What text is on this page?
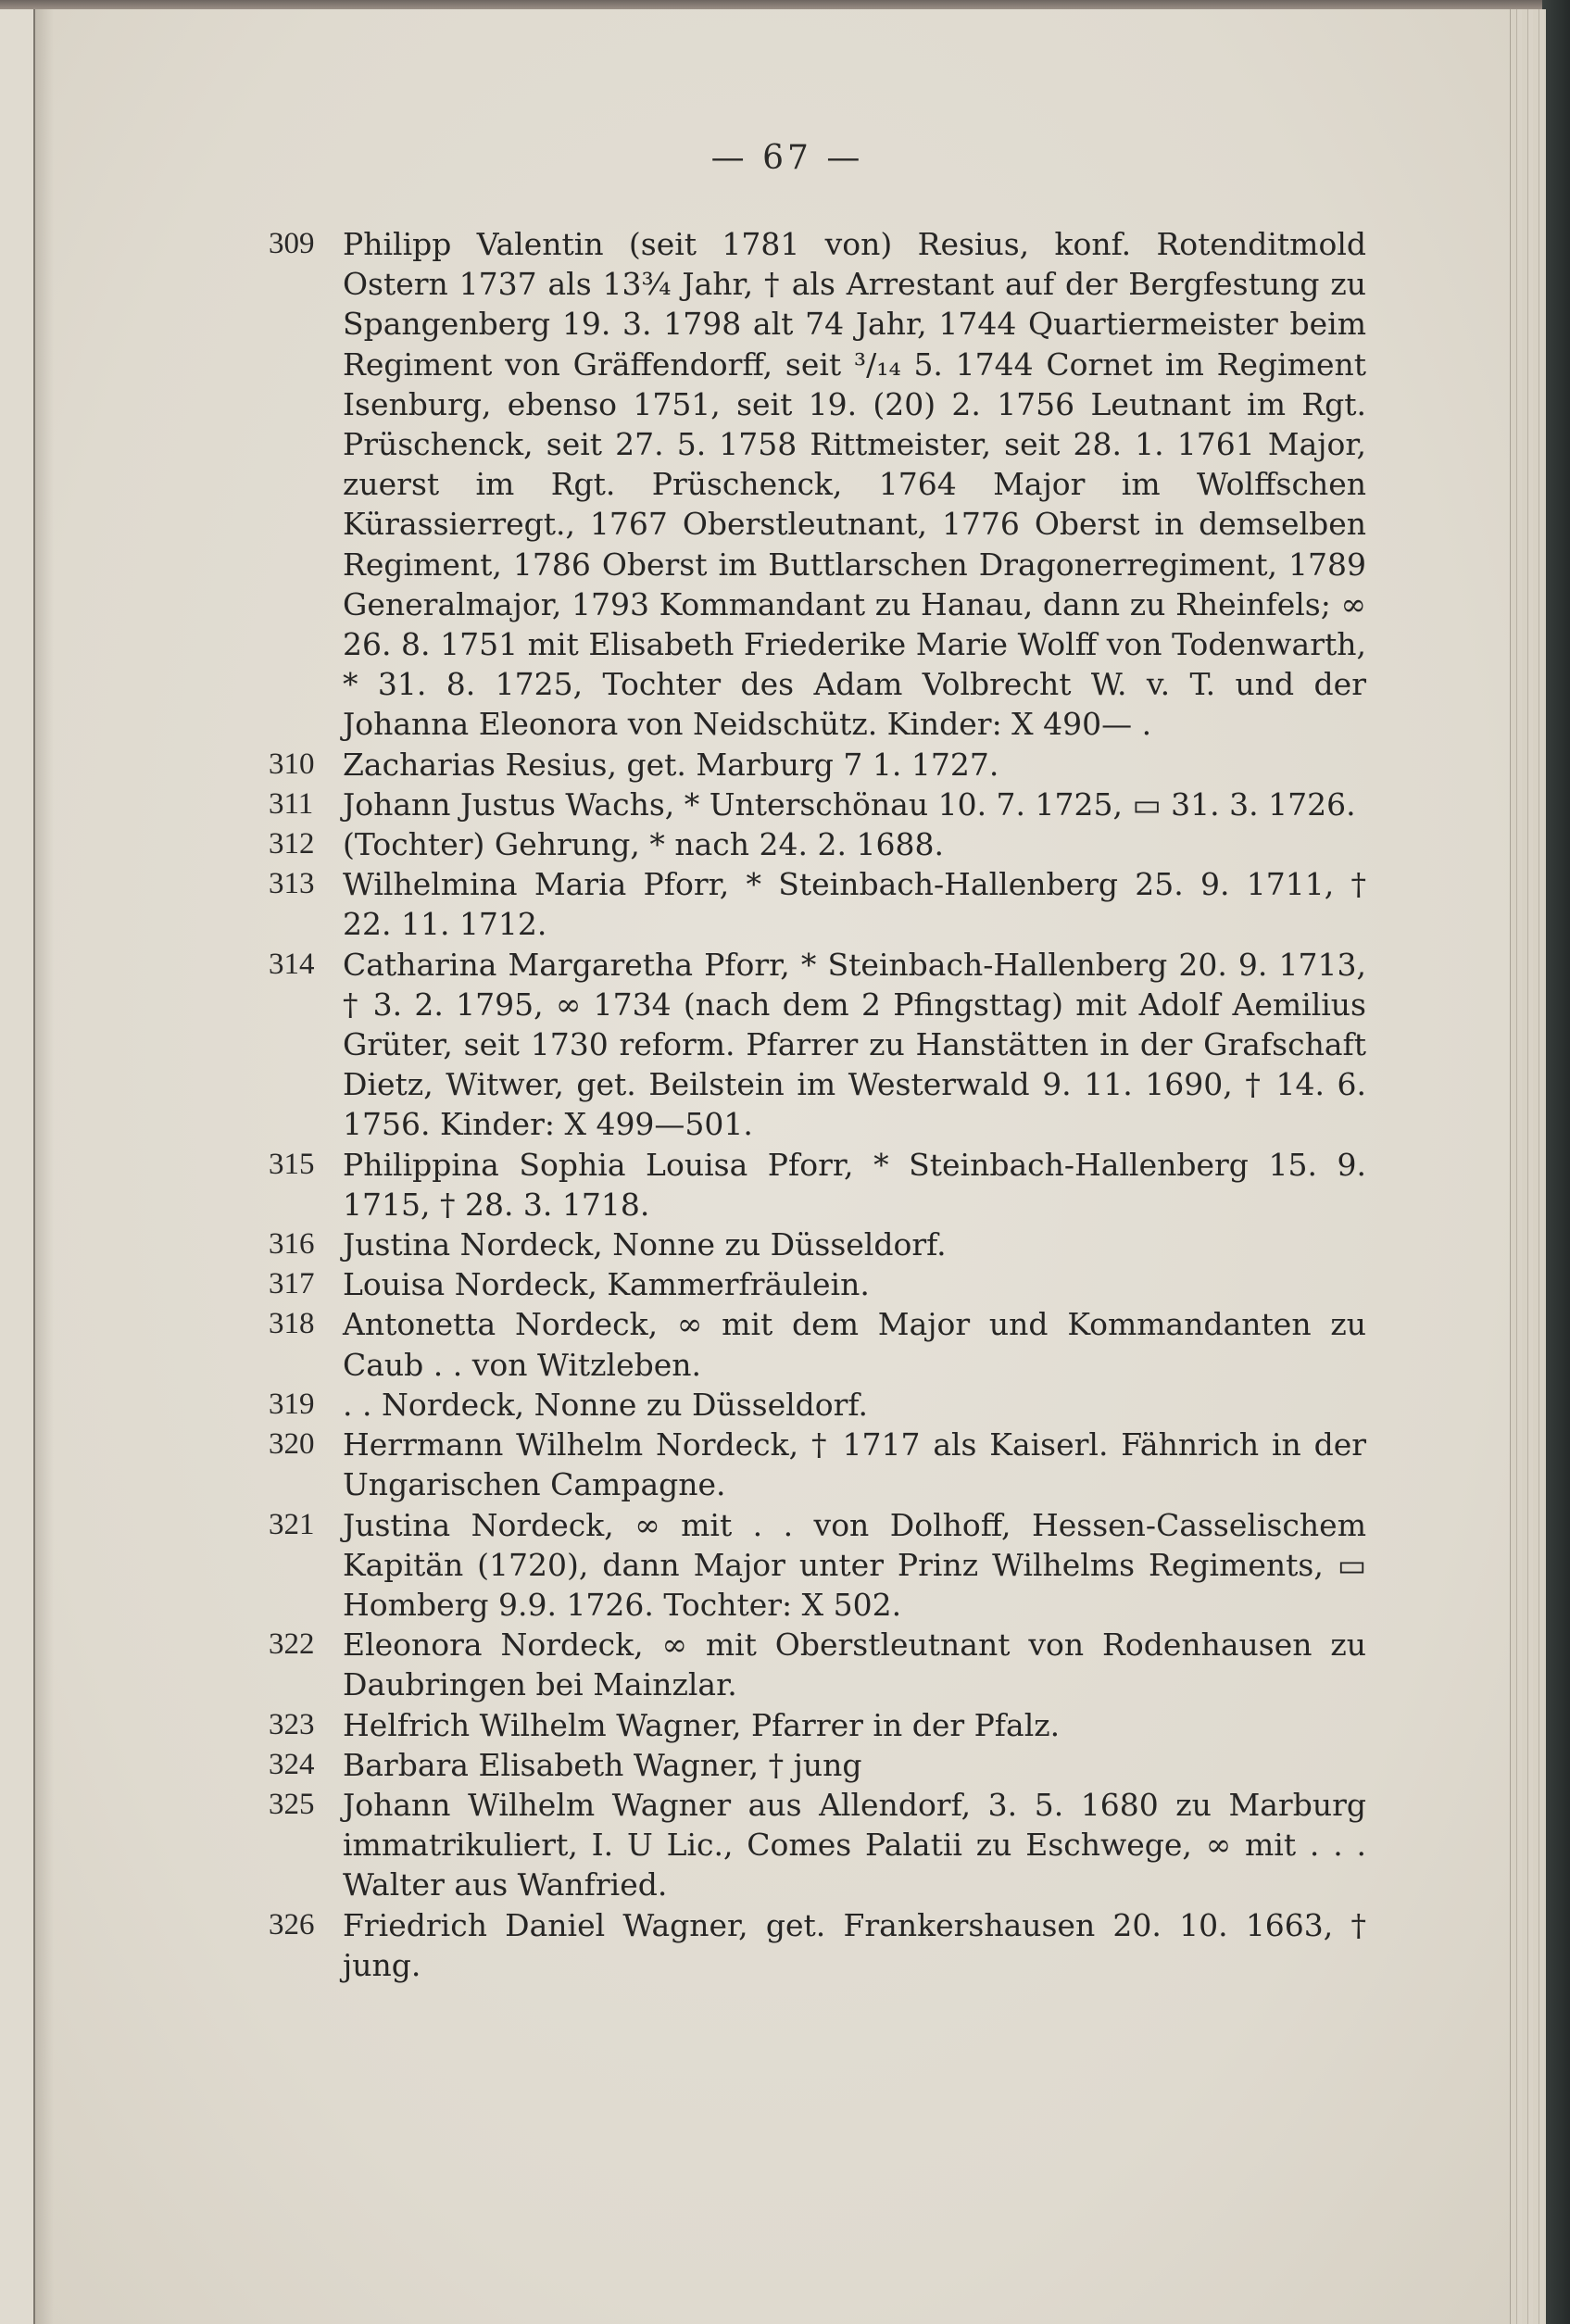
— 67 —
309 Philipp Valentin (seit 1781 von) Resius, konf. Rotenditmold Ostern 1737 als 13¾ Jahr, † als Arrestant auf der Bergfestung zu Spangenberg 19. 3. 1798 alt 74 Jahr, 1744 Quartiermeister beim Regiment von Gräffendorff, seit ³/₁₄ 5. 1744 Cornet im Regiment Isenburg, ebenso 1751, seit 19. (20) 2. 1756 Leutnant im Rgt. Prüschenck, seit 27. 5. 1758 Rittmeister, seit 28. 1. 1761 Major, zuerst im Rgt. Prüschenck, 1764 Major im Wolffschen Kürassierregt., 1767 Oberstleutnant, 1776 Oberst in demselben Regiment, 1786 Oberst im Buttlarschen Dragonerregiment, 1789 Generalmajor, 1793 Kommandant zu Hanau, dann zu Rheinfels; ∞ 26. 8. 1751 mit Elisabeth Friederike Marie Wolff von Todenwarth, * 31. 8. 1725, Tochter des Adam Volbrecht W. v. T. und der Johanna Eleonora von Neidschütz. Kinder: X 490— .
310 Zacharias Resius, get. Marburg 7 1. 1727.
311 Johann Justus Wachs, * Unterschönau 10. 7. 1725, ▭ 31. 3. 1726.
312 (Tochter) Gehrung, * nach 24. 2. 1688.
313 Wilhelmina Maria Pforr, * Steinbach-Hallenberg 25. 9. 1711, † 22. 11. 1712.
314 Catharina Margaretha Pforr, * Steinbach-Hallenberg 20. 9. 1713, † 3. 2. 1795, ∞ 1734 (nach dem 2 Pfingsttag) mit Adolf Aemilius Grüter, seit 1730 reform. Pfarrer zu Hanstätten in der Grafschaft Dietz, Witwer, get. Beilstein im Westerwald 9. 11. 1690, † 14. 6. 1756. Kinder: X 499—501.
315 Philippina Sophia Louisa Pforr, * Steinbach-Hallenberg 15. 9. 1715, † 28. 3. 1718.
316 Justina Nordeck, Nonne zu Düsseldorf.
317 Louisa Nordeck, Kammerfräulein.
318 Antonetta Nordeck, ∞ mit dem Major und Kommandanten zu Caub . . von Witzleben.
319 . . Nordeck, Nonne zu Düsseldorf.
320 Herrmann Wilhelm Nordeck, † 1717 als Kaiserl. Fähnrich in der Ungarischen Campagne.
321 Justina Nordeck, ∞ mit . . von Dolhoff, Hessen-Casselischem Kapitän (1720), dann Major unter Prinz Wilhelms Regiments, ▭ Homberg 9.9. 1726. Tochter: X 502.
322 Eleonora Nordeck, ∞ mit Oberstleutnant von Rodenhausen zu Daubringen bei Mainzlar.
323 Helfrich Wilhelm Wagner, Pfarrer in der Pfalz.
324 Barbara Elisabeth Wagner, † jung
325 Johann Wilhelm Wagner aus Allendorf, 3. 5. 1680 zu Marburg immatrikuliert, I. U Lic., Comes Palatii zu Eschwege, ∞ mit . . . Walter aus Wanfried.
326 Friedrich Daniel Wagner, get. Frankershausen 20. 10. 1663, † jung.
